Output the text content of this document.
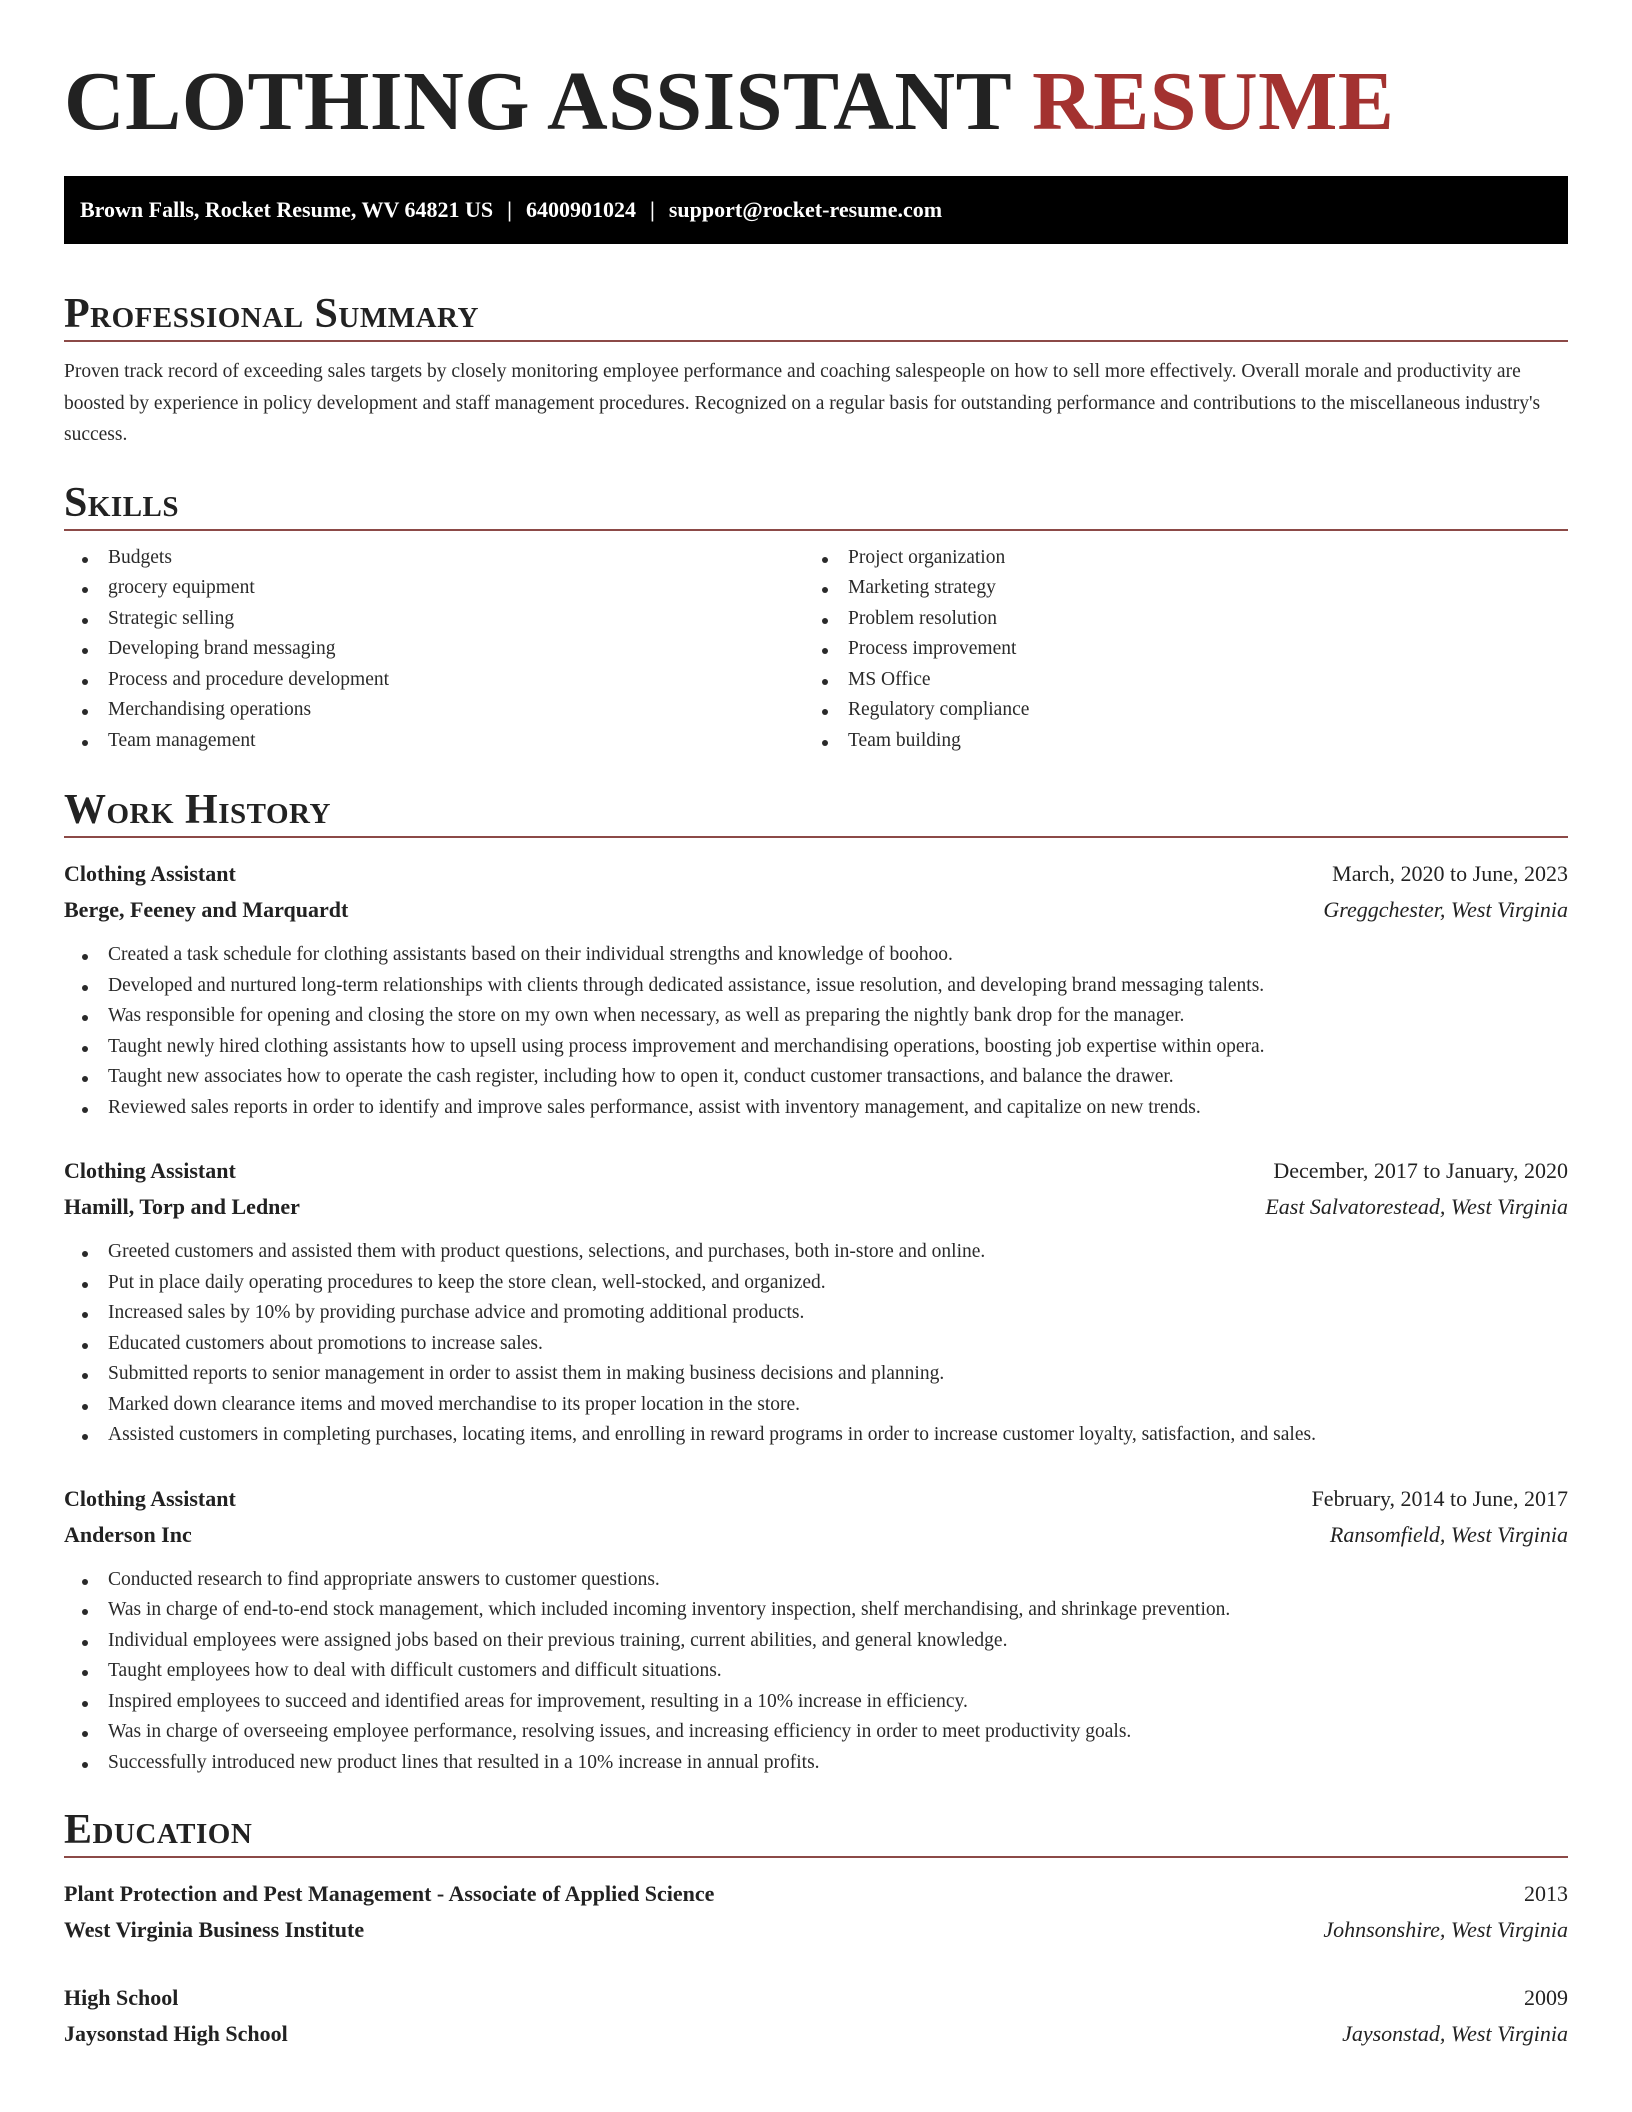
CLOTHING ASSISTANT RESUME
Brown Falls, Rocket Resume, WV 64821 US | 6400901024 | support@rocket-resume.com
Professional Summary

Proven track record of exceeding sales targets by closely monitoring employee performance and coaching salespeople on how to sell more effectively. Overall morale and productivity are boosted by experience in policy development and staff management procedures. Recognized on a regular basis for outstanding performance and contributions to the miscellaneous industry's success.

Skills
Budgets
grocery equipment
Strategic selling
Developing brand messaging
Process and procedure development
Merchandising operations
Team management
Project organization
Marketing strategy
Problem resolution
Process improvement
MS Office
Regulatory compliance
Team building
Work History
Clothing Assistant	March, 2020 to June, 2023
Berge, Feeney and Marquardt	Greggchester, West Virginia
Created a task schedule for clothing assistants based on their individual strengths and knowledge of boohoo.
Developed and nurtured long-term relationships with clients through dedicated assistance, issue resolution, and developing brand messaging talents.
Was responsible for opening and closing the store on my own when necessary, as well as preparing the nightly bank drop for the manager.
Taught newly hired clothing assistants how to upsell using process improvement and merchandising operations, boosting job expertise within opera.
Taught new associates how to operate the cash register, including how to open it, conduct customer transactions, and balance the drawer.
Reviewed sales reports in order to identify and improve sales performance, assist with inventory management, and capitalize on new trends.
Clothing Assistant	December, 2017 to January, 2020
Hamill, Torp and Ledner	East Salvatorestead, West Virginia
Greeted customers and assisted them with product questions, selections, and purchases, both in-store and online.
Put in place daily operating procedures to keep the store clean, well-stocked, and organized.
Increased sales by 10% by providing purchase advice and promoting additional products.
Educated customers about promotions to increase sales.
Submitted reports to senior management in order to assist them in making business decisions and planning.
Marked down clearance items and moved merchandise to its proper location in the store.
Assisted customers in completing purchases, locating items, and enrolling in reward programs in order to increase customer loyalty, satisfaction, and sales.
Clothing Assistant	February, 2014 to June, 2017
Anderson Inc	Ransomfield, West Virginia
Conducted research to find appropriate answers to customer questions.
Was in charge of end-to-end stock management, which included incoming inventory inspection, shelf merchandising, and shrinkage prevention.
Individual employees were assigned jobs based on their previous training, current abilities, and general knowledge.
Taught employees how to deal with difficult customers and difficult situations.
Inspired employees to succeed and identified areas for improvement, resulting in a 10% increase in efficiency.
Was in charge of overseeing employee performance, resolving issues, and increasing efficiency in order to meet productivity goals.
Successfully introduced new product lines that resulted in a 10% increase in annual profits.
Education
Plant Protection and Pest Management - Associate of Applied Science	2013
West Virginia Business Institute	Johnsonshire, West Virginia
High School	2009
Jaysonstad High School	Jaysonstad, West Virginia
